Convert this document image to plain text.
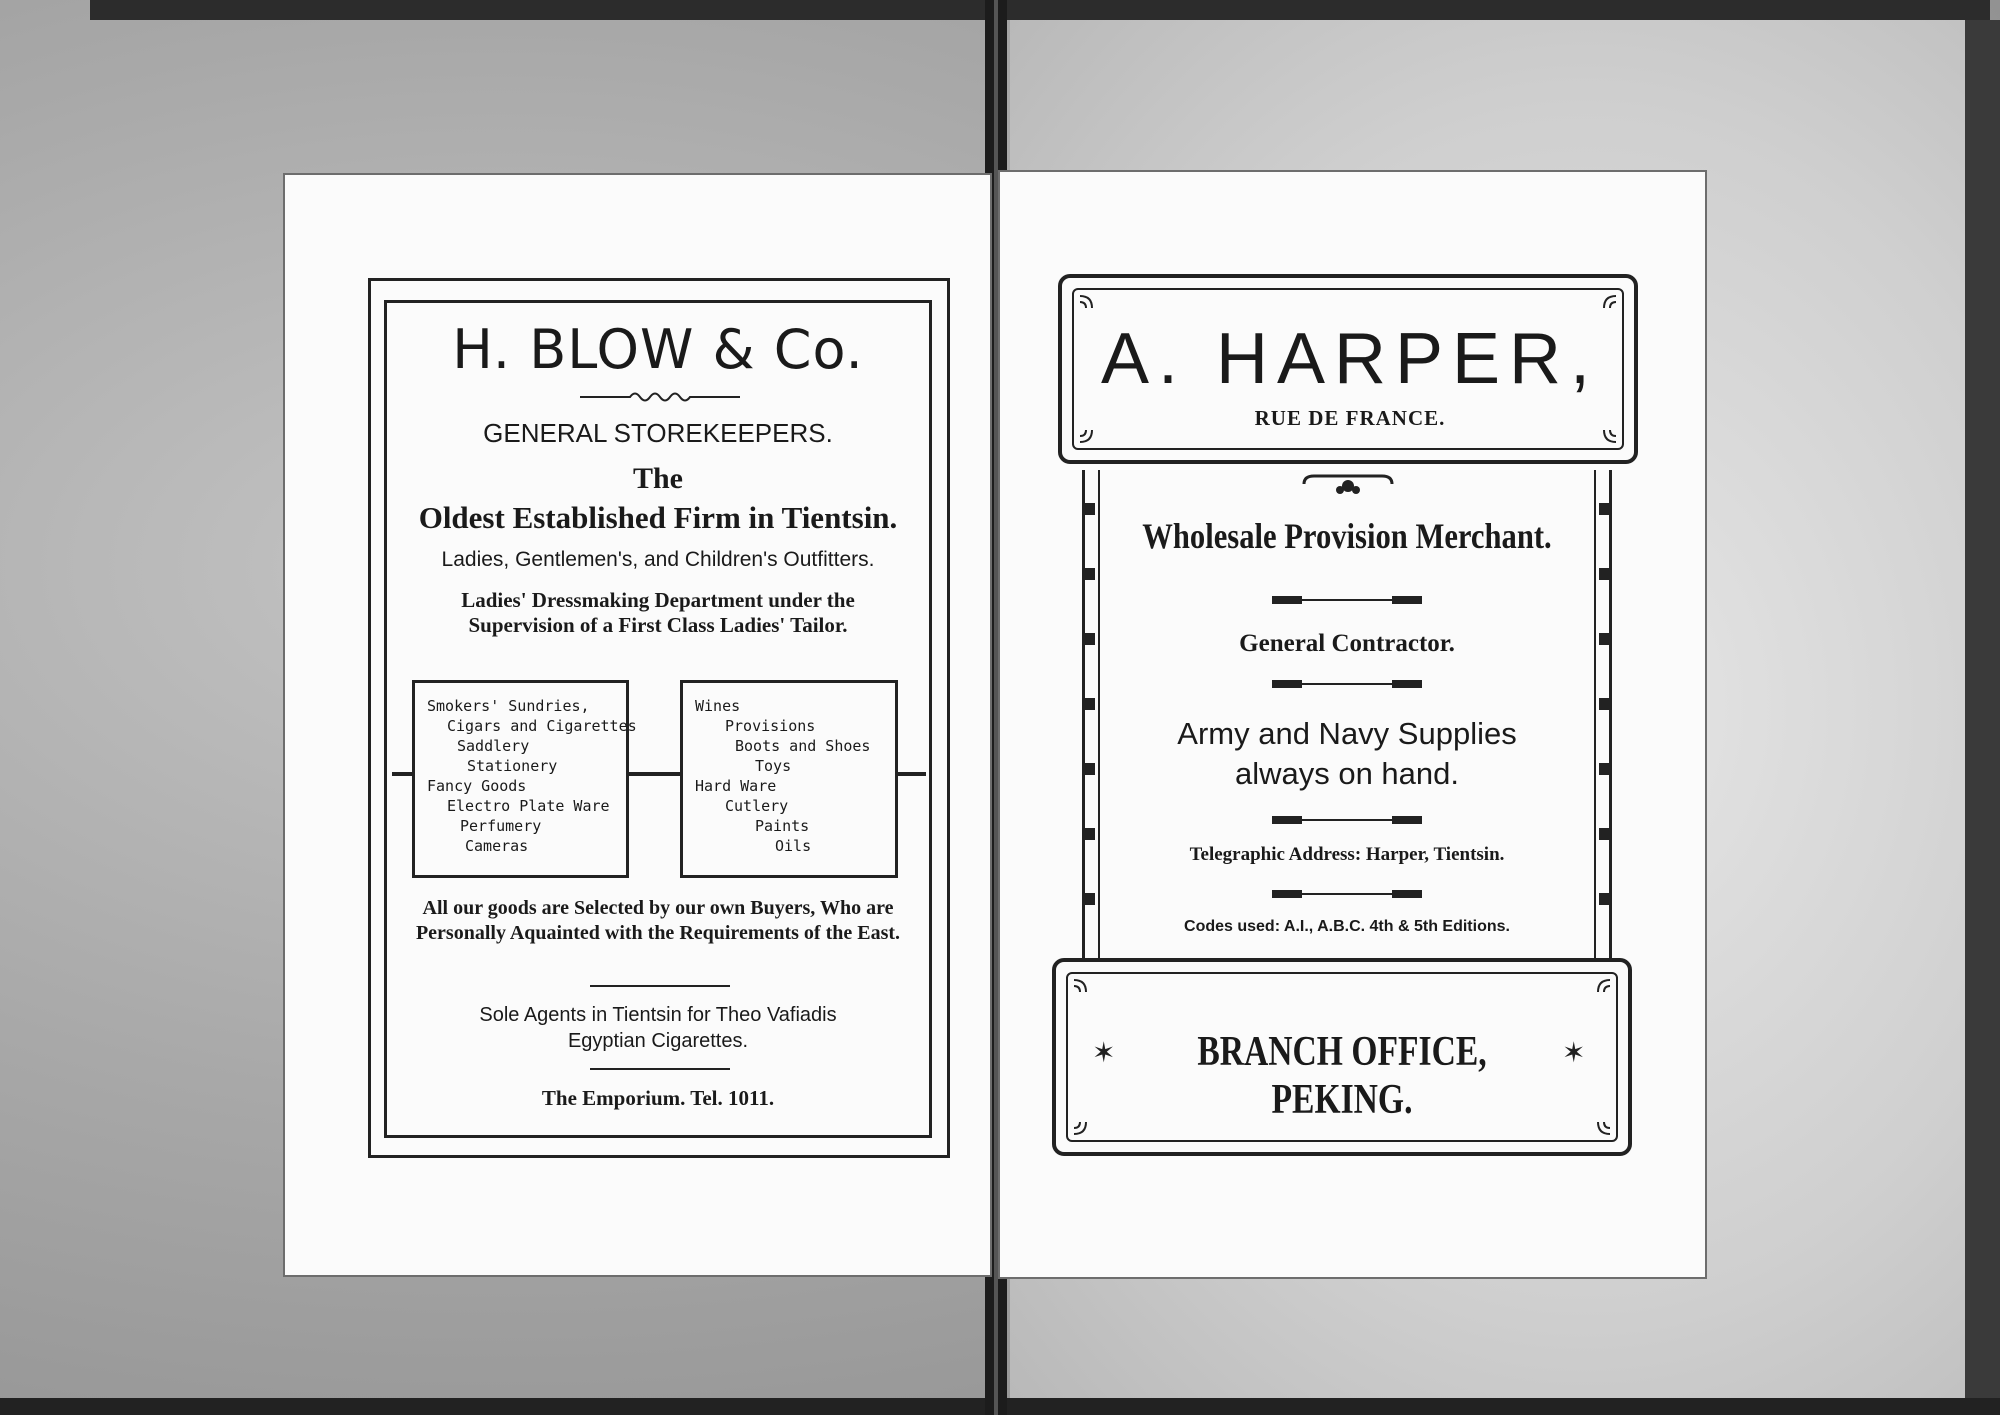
H. BLOW & Co.

GENERAL STOREKEEPERS.

The

Oldest Established Firm in Tientsin.

Ladies, Gentlemen's, and Children's Outfitters.

Ladies' Dressmaking Department under the Supervision of a First Class Ladies' Tailor.

Smokers' Sundries,

Cigars and Cigarettes

Saddlery

Stationery

Fancy Goods

Electro Plate Ware

Perfumery

Cameras

Wines

Provisions

Boots and Shoes

Toys

Hard Ware

Cutlery

Paints

Oils

All our goods are Selected by our own Buyers, Who are Personally Aquainted with the Requirements of the East.

Sole Agents in Tientsin for Theo Vafiadis

Egyptian Cigarettes.

The Emporium. Tel. 1011.

A. HARPER,

RUE DE FRANCE.

Wholesale Provision Merchant.

General Contractor.

Army and Navy Supplies

always on hand.

Telegraphic Address: Harper, Tientsin.

Codes used: A.I., A.B.C. 4th & 5th Editions.

✶	BRANCH OFFICE, PEKING.

✶
